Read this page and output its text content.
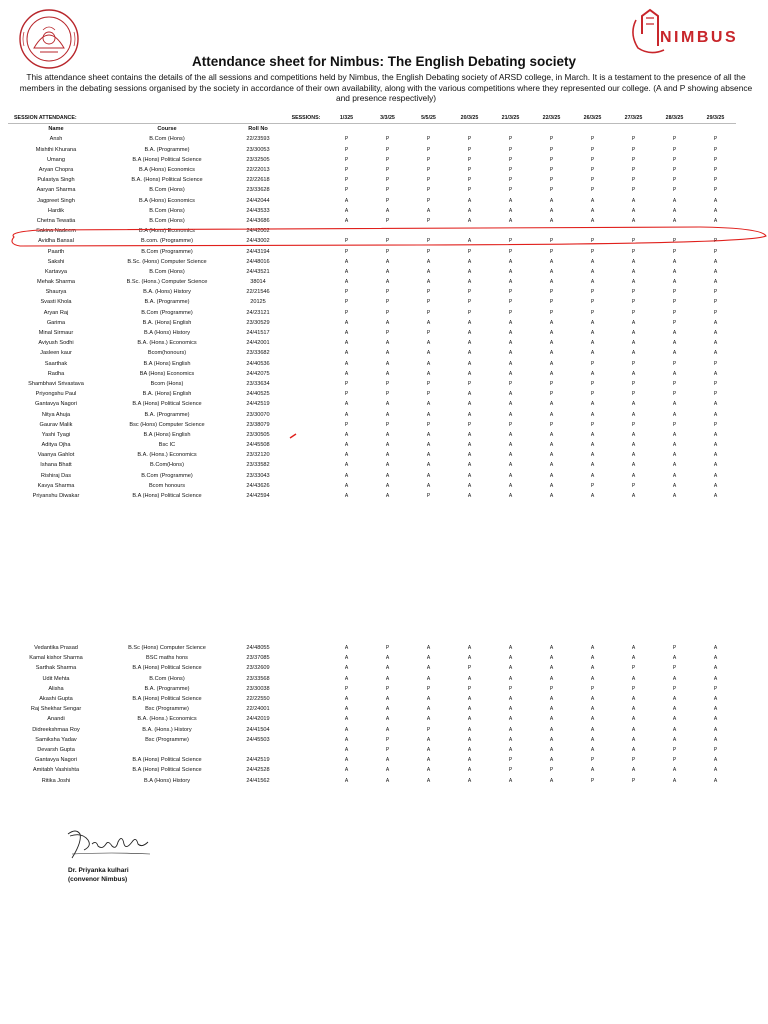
NIMBUS
Attendance sheet for Nimbus: The English Debating society
This attendance sheet contains the details of the all sessions and competitions held by Nimbus, the English Debating society of ARSD college, in March. It is a testament to the presence of all the members in the debating sessions organised by the society in accordance of their own availability, along with the various competitions where they represented our college. (A and P showing absence and presence respectively)
SESSION ATTENDANCE:			SESSIONS:	1/325	3/3/25	5/5/25	20/3/25	21/3/25	22/3/25	26/3/25	27/3/25	28/3/25	29/3/25
Name	Course	Roll No											
Ansh	B.Com (Hons)	22/23593		P	P	P	P	P	P	P	P	P	P
Mishthi Khurana	B.A. (Programme)	23/30053		P	P	P	P	P	P	P	P	P	P
Umang	B.A (Hons) Political Science	23/32505		P	P	P	P	P	P	P	P	P	P
Aryan Chopra	B.A (Hons) Economics	22/22013		P	P	P	P	P	P	P	P	P	P
Pulastya Singh	B.A. (Hons) Political Science	22/22618		P	P	P	P	P	P	P	P	P	P
Aaryan Sharma	B.Com (Hons)	23/33628		P	P	P	P	P	P	P	P	P	P
Jagpreet Singh	B.A (Hons) Economics	24/42044		A	P	P	A	A	A	A	A	A	A
Hardik	B.Com (Hons)	24/43533		A	A	A	A	A	A	A	A	A	A
Chetna Tewatia	B.Com (Hons)	24/43686		A	P	P	A	A	A	A	A	A	A
Sakina Nadeem	B.A (Hons) Economics	24/42002											
Avidha Bansal	B.com. (Programme)	24/43002		P	P	P	A	P	P	P	P	P	P
Paarth	B.Com (Programme)	24/43194		P	P	P	P	P	P	P	P	P	P
Sakshi	B.Sc. (Hons) Computer Science	24/48016		A	A	A	A	A	A	A	A	A	A
Kartavya	B.Com (Hons)	24/43521		A	A	A	A	A	A	A	A	A	A
Mehak Sharma	B.Sc. (Hons.) Computer Science	38014		A	A	A	A	A	A	A	A	A	A
Shaurya	B.A. (Hons) History	22/21546		P	P	P	P	P	P	P	P	P	P
Svasti Khola	B.A. (Programme)	20125		P	P	P	P	P	P	P	P	P	P
Aryan Raj	B.Com (Programme)	24/23121		P	P	P	P	P	P	P	P	P	P
Garima	B.A. (Hons) English	23/30529		A	A	A	A	A	A	A	A	P	A
Minal Sirmaur	B.A (Hons) History	24/41517		A	P	P	A	A	A	A	A	A	A
Aviyush Sodhi	B.A. (Hons.) Economics	24/42001		A	A	A	A	A	A	A	A	A	A
Jasleen kaur	Bcom(honours)	23/33682		A	A	A	A	A	A	A	A	A	A
Saarthak	B.A (Hons) English	24/40536		A	A	A	A	A	A	P	P	P	P
Radha	BA (Hons) Economics	24/42075		A	A	A	A	A	A	A	A	A	A
Shambhavi Srivastava	Bcom (Hons)	23/33634		P	P	P	P	P	P	P	P	P	P
Priyongshu Paul	B.A. (Hons) English	24/40525		P	P	P	A	A	P	P	P	P	P
Gantavya Nagori	B.A (Hons) Political Science	24/42519		A	A	A	A	A	A	A	A	A	A
Nitya Ahuja	B.A. (Programme)	23/30070		A	A	A	A	A	A	A	A	A	A
Gaurav Malik	Bsc (Hons) Computer Science	23/38079		P	P	P	P	P	P	P	P	P	P
Yashi Tyagi	B.A (Hons) English	23/30505		A	A	A	A	A	A	A	A	A	A
Aditya Ojha	Bsc IC	24/45508		A	A	A	A	A	A	A	A	A	A
Vaanya Gahlot	B.A. (Hons.) Economics	23/32120		A	A	A	A	A	A	A	A	A	A
Ishana Bhatt	B.Com(Hons)	23/33582		A	A	A	A	A	A	A	A	A	A
Rishiraj Das	B.Com (Programme)	23/33043		A	A	A	A	A	A	A	A	A	A
Kavya Sharma	Bcom honours	24/43626		A	A	A	A	A	A	P	P	A	A
Priyanshu Diwakar	B.A (Hons) Political Science	24/42594		A	A	P	A	A	A	A	A	A	A
Vedantika Prasad	B.Sc (Hons) Computer Science	24/48055		A	P	A	A	A	A	A	A	P	A
Kamal kishor Sharma	BSC maths hons	23/37085		A	A	A	A	A	A	A	A	A	A
Sarthak Sharma	B.A (Hons) Political Science	23/32609		A	A	A	P	A	A	A	P	P	A
Udit Mehta	B.Com (Hons)	23/33568		A	A	A	A	A	A	A	A	A	A
Alisha	B.A. (Programme)	23/30038		P	P	P	P	P	P	P	P	P	P
Akashi Gupta	B.A (Hons) Political Science	22/22550		A	A	A	A	A	A	A	A	A	A
Raj Shekhar Sengar	Bsc (Programme)	22/24001		A	A	A	A	A	A	A	A	A	A
Anandi	B.A. (Hons.) Economics	24/42019		A	A	A	A	A	A	A	A	A	A
Didreekshmaa Roy	B.A. (Hons.) History	24/41504		A	A	P	A	A	A	A	A	A	A
Samiksha Yadav	Bsc (Programme)	24/45503		A	P	A	A	A	A	A	A	A	A
Devarsh Gupta				A	P	A	A	A	A	A	A	P	P
Gantavya Nagori	B.A (Hons) Political Science	24/42519		A	A	A	A	P	A	P	P	P	A
Amitabh Vashishta	B.A (Hons) Political Science	24/42528		A	A	A	A	P	P	A	A	A	A
Ritika Joshi	B.A (Hons) History	24/41562		A	A	A	A	A	A	P	P	A	A
Dr. Priyanka kulhari
(convenor Nimbus)
